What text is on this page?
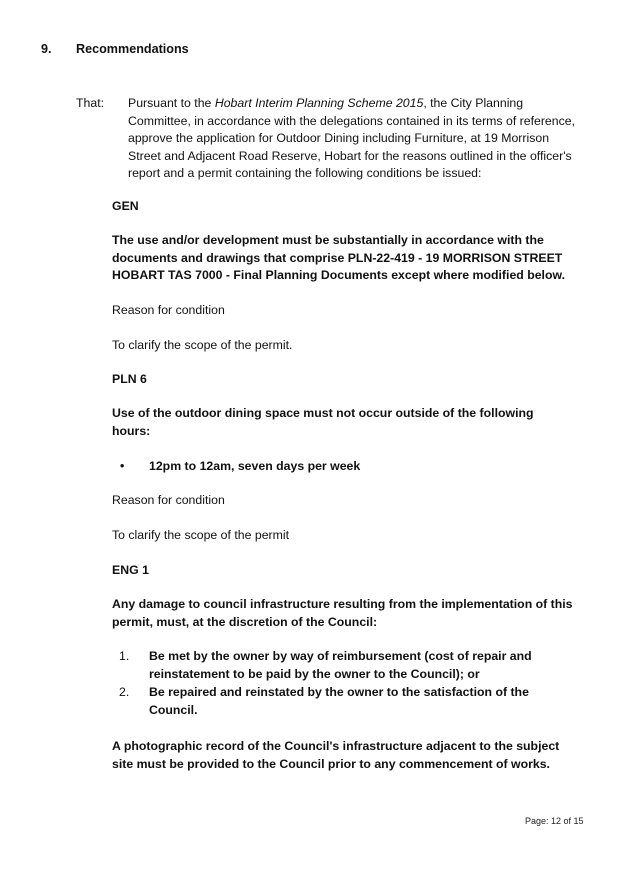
9. Recommendations
That: Pursuant to the Hobart Interim Planning Scheme 2015, the City Planning Committee, in accordance with the delegations contained in its terms of reference, approve the application for Outdoor Dining including Furniture, at 19 Morrison Street and Adjacent Road Reserve, Hobart for the reasons outlined in the officer's report and a permit containing the following conditions be issued:
GEN
The use and/or development must be substantially in accordance with the documents and drawings that comprise PLN-22-419 - 19 MORRISON STREET HOBART TAS 7000 - Final Planning Documents except where modified below.
Reason for condition
To clarify the scope of the permit.
PLN 6
Use of the outdoor dining space must not occur outside of the following hours:
• 12pm to 12am, seven days per week
Reason for condition
To clarify the scope of the permit
ENG 1
Any damage to council infrastructure resulting from the implementation of this permit, must, at the discretion of the Council:
1. Be met by the owner by way of reimbursement (cost of repair and reinstatement to be paid by the owner to the Council); or
2. Be repaired and reinstated by the owner to the satisfaction of the Council.
A photographic record of the Council's infrastructure adjacent to the subject site must be provided to the Council prior to any commencement of works.
Page: 12 of 15
